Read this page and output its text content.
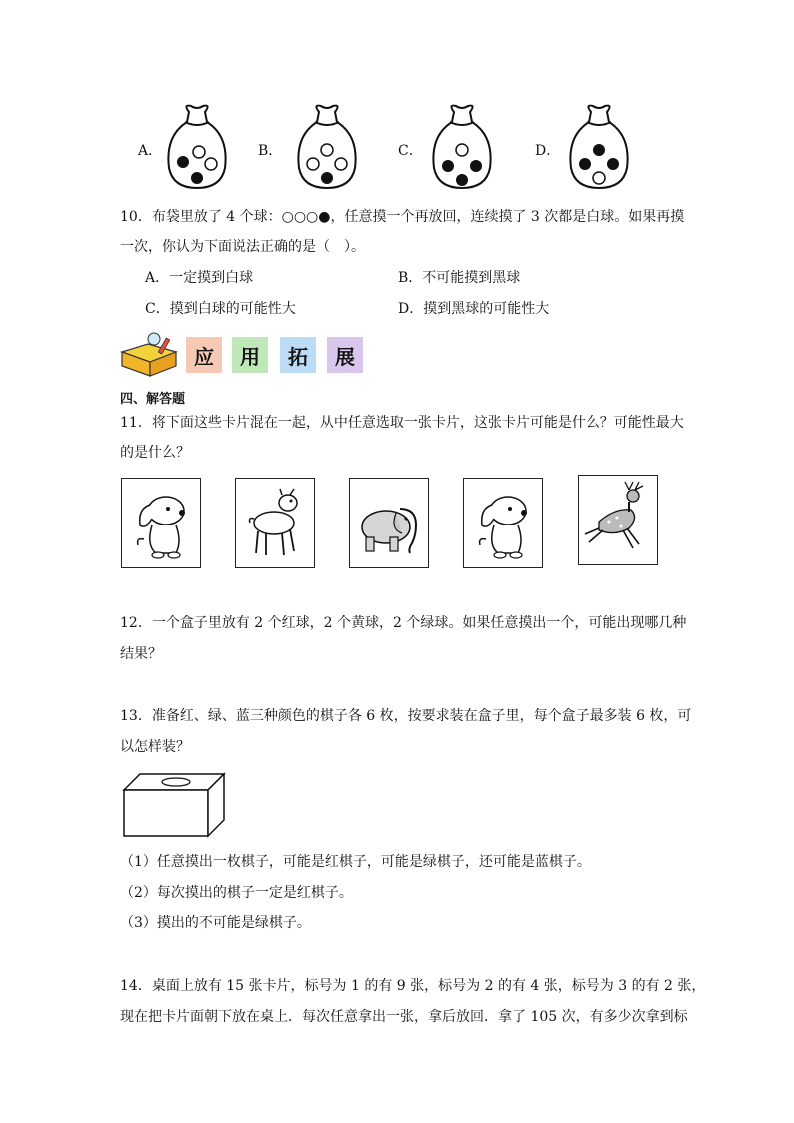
A．	B．	C．	D．
10．布袋里放了 4 个球：○○○●，任意摸一个再放回，连续摸了 3 次都是白球。如果再摸
一次，你认为下面说法正确的是（　）。
A．一定摸到白球	B．不可能摸到黑球
C．摸到白球的可能性大	D．摸到黑球的可能性大
应	用	拓	展
四、解答题
11．将下面这些卡片混在一起，从中任意选取一张卡片，这张卡片可能是什么？可能性最大
的是什么？
12．一个盒子里放有 2 个红球，2 个黄球，2 个绿球。如果任意摸出一个，可能出现哪几种
结果？
13．准备红、绿、蓝三种颜色的棋子各 6 枚，按要求装在盒子里，每个盒子最多装 6 枚，可
以怎样装？
（1）任意摸出一枚棋子，可能是红棋子，可能是绿棋子，还可能是蓝棋子。
（2）每次摸出的棋子一定是红棋子。
（3）摸出的不可能是绿棋子。
14．桌面上放有 15 张卡片，标号为 1 的有 9 张，标号为 2 的有 4 张，标号为 3 的有 2 张，
现在把卡片面朝下放在桌上．每次任意拿出一张，拿后放回．拿了 105 次，有多少次拿到标
